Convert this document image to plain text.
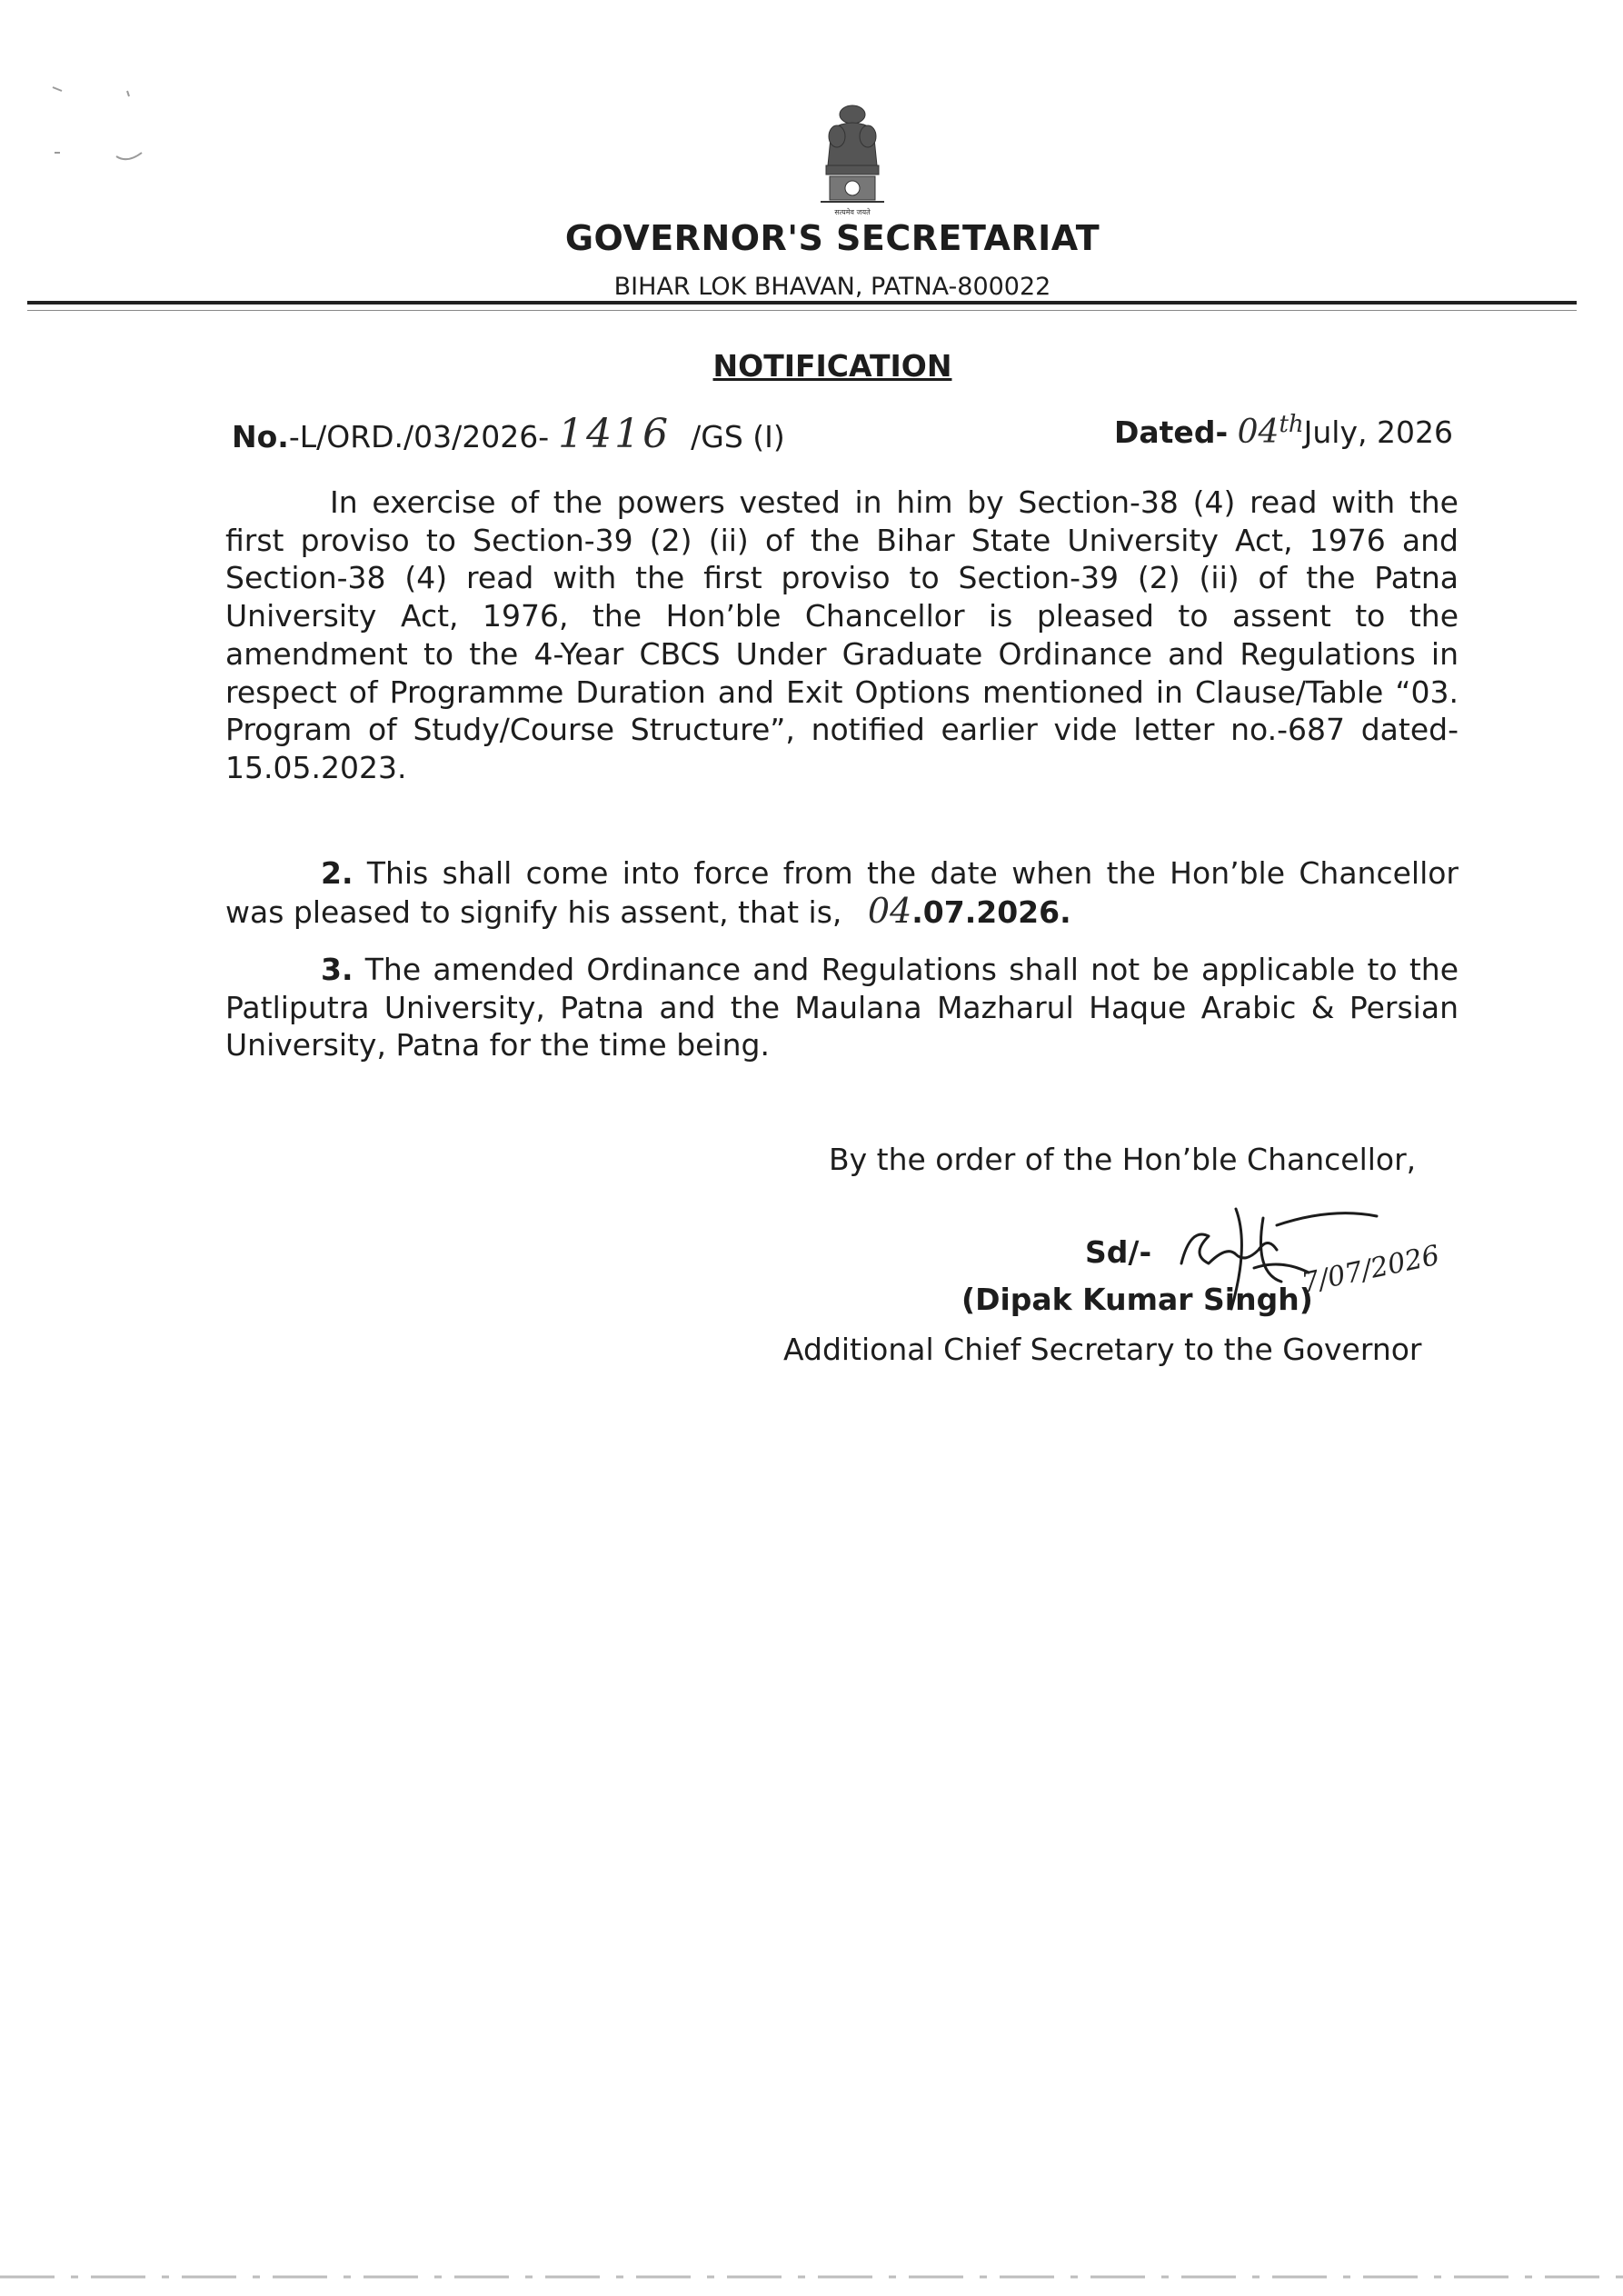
सत्यमेव जयते
GOVERNOR'S SECRETARIAT
BIHAR LOK BHAVAN, PATNA-800022
NOTIFICATION
No.-L/ORD./03/2026- 1416 /GS (I)	Dated- 04thJuly, 2026

In exercise of the powers vested in him by Section-38 (4) read with the first proviso to Section-39 (2) (ii) of the Bihar State University Act, 1976 and Section-38 (4) read with the first proviso to Section-39 (2) (ii) of the Patna University Act, 1976, the Hon’ble Chancellor is pleased to assent to the amendment to the 4-Year CBCS Under Graduate Ordinance and Regulations in respect of Programme Duration and Exit Options mentioned in Clause/Table “03. Program of Study/Course Structure”, notified earlier vide letter no.-687 dated-15.05.2023.

2. This shall come into force from the date when the Hon’ble Chancellor was pleased to signify his assent, that is, 04.07.2026.

3. The amended Ordinance and Regulations shall not be applicable to the Patliputra University, Patna and the Maulana Mazharul Haque Arabic & Persian University, Patna for the time being.

By the order of the Hon’ble Chancellor,
Sd/-
(Dipak Kumar Singh)
Additional Chief Secretary to the Governor
7/07/2026
